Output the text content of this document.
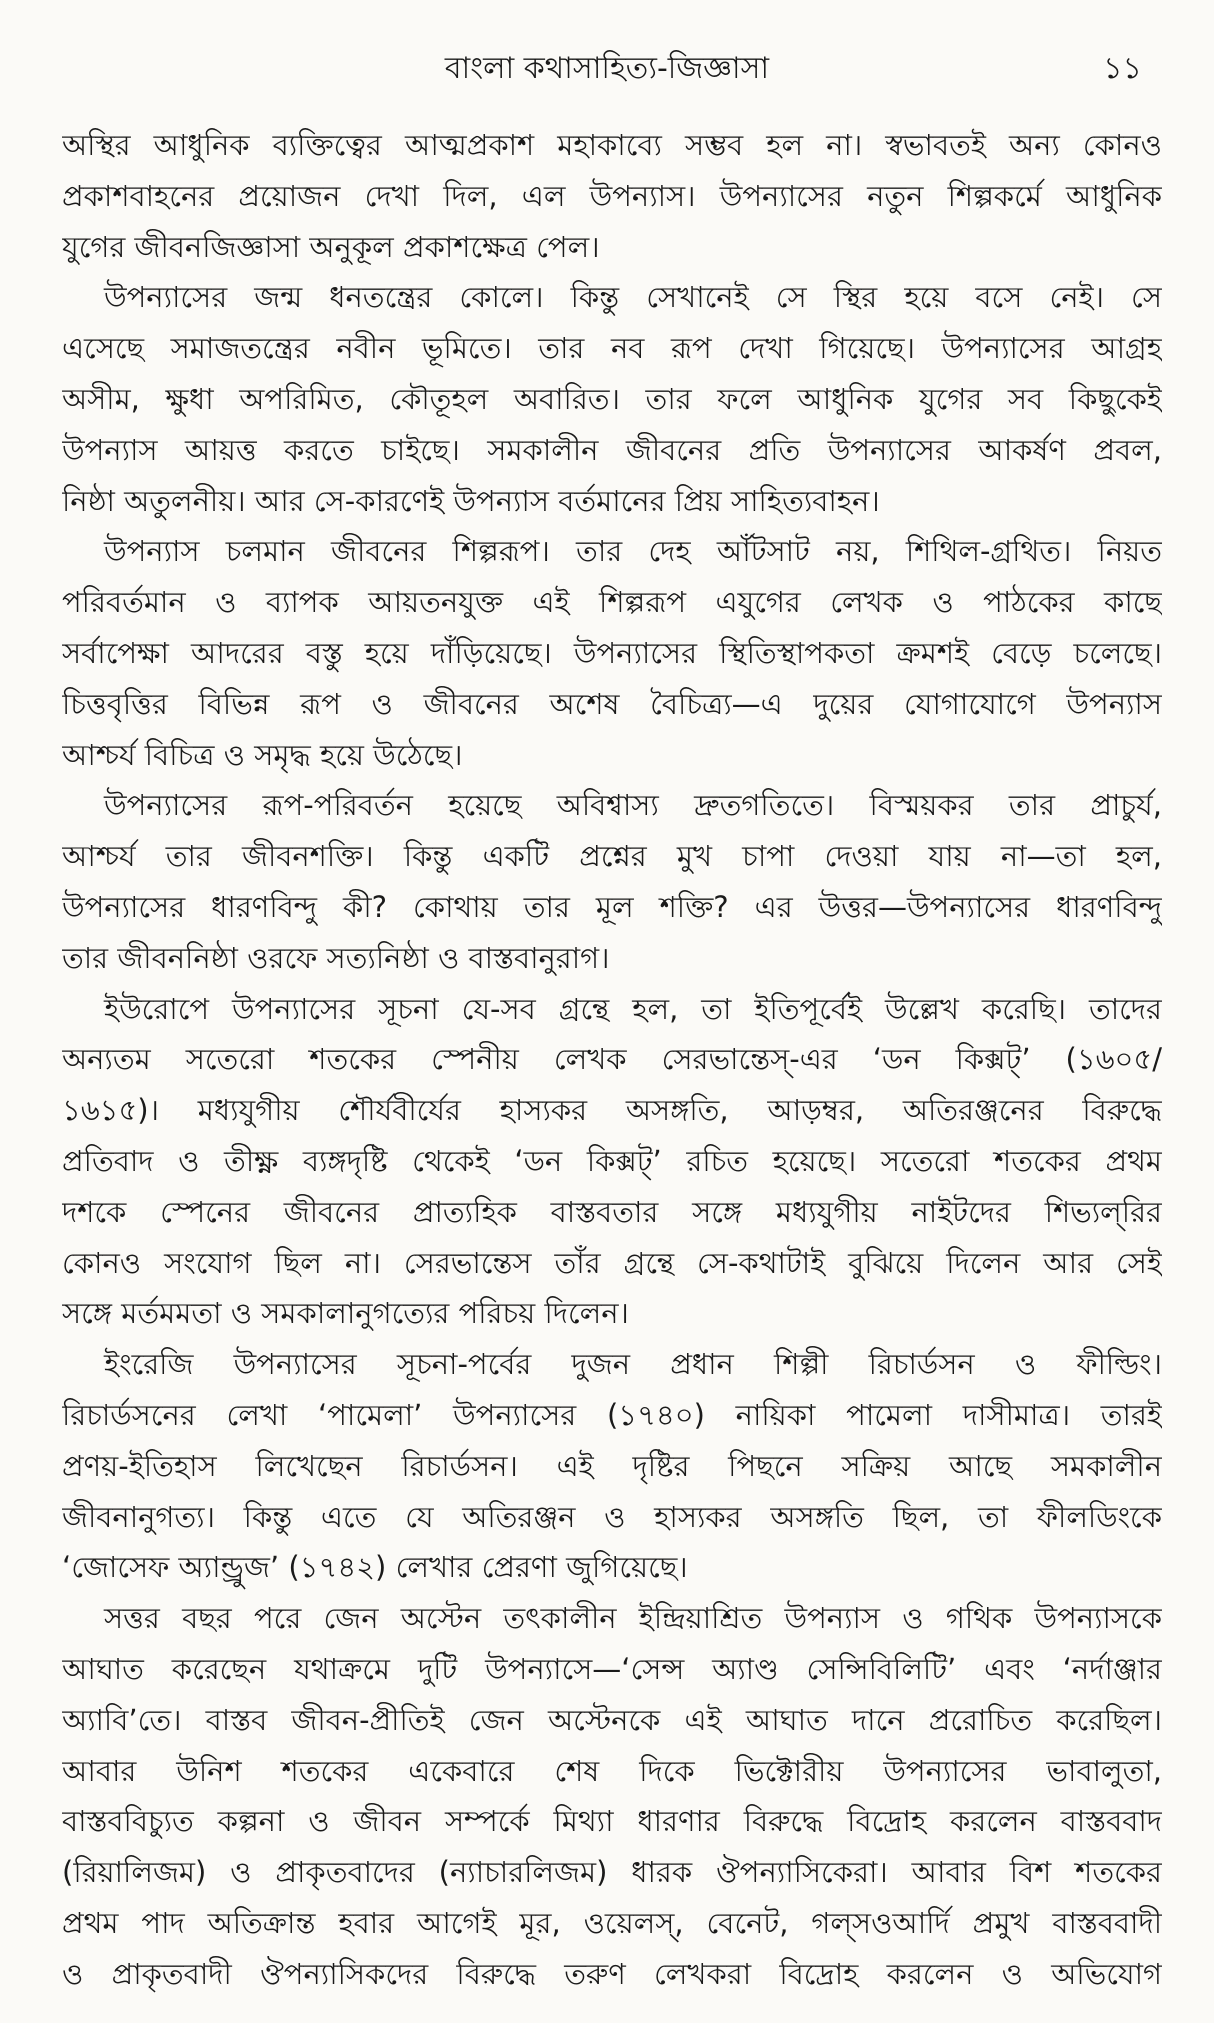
বাংলা কথাসাহিত্য-জিজ্ঞাসা	১১
অস্থির আধুনিক ব্যক্তিত্বের আত্মপ্রকাশ মহাকাব্যে সম্ভব হল না। স্বভাবতই অন্য কোনও
প্রকাশবাহনের প্রয়োজন দেখা দিল, এল উপন্যাস। উপন্যাসের নতুন শিল্পকর্মে আধুনিক
যুগের জীবনজিজ্ঞাসা অনুকূল প্রকাশক্ষেত্র পেল।
উপন্যাসের জন্ম ধনতন্ত্রের কোলে। কিন্তু সেখানেই সে স্থির হয়ে বসে নেই। সে
এসেছে সমাজতন্ত্রের নবীন ভূমিতে। তার নব রূপ দেখা গিয়েছে। উপন্যাসের আগ্রহ
অসীম, ক্ষুধা অপরিমিত, কৌতূহল অবারিত। তার ফলে আধুনিক যুগের সব কিছুকেই
উপন্যাস আয়ত্ত করতে চাইছে। সমকালীন জীবনের প্রতি উপন্যাসের আকর্ষণ প্রবল,
নিষ্ঠা অতুলনীয়। আর সে-কারণেই উপন্যাস বর্তমানের প্রিয় সাহিত্যবাহন।
উপন্যাস চলমান জীবনের শিল্পরূপ। তার দেহ আঁটসাট নয়, শিথিল-গ্রথিত। নিয়ত
পরিবর্তমান ও ব্যাপক আয়তনযুক্ত এই শিল্পরূপ এযুগের লেখক ও পাঠকের কাছে
সর্বাপেক্ষা আদরের বস্তু হয়ে দাঁড়িয়েছে। উপন্যাসের স্থিতিস্থাপকতা ক্রমশই বেড়ে চলেছে।
চিত্তবৃত্তির বিভিন্ন রূপ ও জীবনের অশেষ বৈচিত্র্য—এ দুয়ের যোগাযোগে উপন্যাস
আশ্চর্য বিচিত্র ও সমৃদ্ধ হয়ে উঠেছে।
উপন্যাসের রূপ-পরিবর্তন হয়েছে অবিশ্বাস্য দ্রুতগতিতে। বিস্ময়কর তার প্রাচুর্য,
আশ্চর্য তার জীবনশক্তি। কিন্তু একটি প্রশ্নের মুখ চাপা দেওয়া যায় না—তা হল,
উপন্যাসের ধারণবিন্দু কী? কোথায় তার মূল শক্তি? এর উত্তর—উপন্যাসের ধারণবিন্দু
তার জীবননিষ্ঠা ওরফে সত্যনিষ্ঠা ও বাস্তবানুরাগ।
ইউরোপে উপন্যাসের সূচনা যে-সব গ্রন্থে হল, তা ইতিপূর্বেই উল্লেখ করেছি। তাদের
অন্যতম সতেরো শতকের স্পেনীয় লেখক সেরভান্তেস্-এর ‘ডন কিক্সট্’ (১৬০৫/
১৬১৫)। মধ্যযুগীয় শৌর্যবীর্যের হাস্যকর অসঙ্গতি, আড়ম্বর, অতিরঞ্জনের বিরুদ্ধে
প্রতিবাদ ও তীক্ষ্ণ ব্যঙ্গদৃষ্টি থেকেই ‘ডন কিক্সট্’ রচিত হয়েছে। সতেরো শতকের প্রথম
দশকে স্পেনের জীবনের প্রাত্যহিক বাস্তবতার সঙ্গে মধ্যযুগীয় নাইটদের শিভ্যল্‌রির
কোনও সংযোগ ছিল না। সেরভান্তেস তাঁর গ্রন্থে সে-কথাটাই বুঝিয়ে দিলেন আর সেই
সঙ্গে মর্তমমতা ও সমকালানুগত্যের পরিচয় দিলেন।
ইংরেজি উপন্যাসের সূচনা-পর্বের দুজন প্রধান শিল্পী রিচার্ডসন ও ফীল্ডিং।
রিচার্ডসনের লেখা ‘পামেলা’ উপন্যাসের (১৭৪০) নায়িকা পামেলা দাসীমাত্র। তারই
প্রণয়-ইতিহাস লিখেছেন রিচার্ডসন। এই দৃষ্টির পিছনে সক্রিয় আছে সমকালীন
জীবনানুগত্য। কিন্তু এতে যে অতিরঞ্জন ও হাস্যকর অসঙ্গতি ছিল, তা ফীলডিংকে
‘জোসেফ অ্যান্ড্রুজ’ (১৭৪২) লেখার প্রেরণা জুগিয়েছে।
সত্তর বছর পরে জেন অস্টেন তৎকালীন ইন্দ্রিয়াশ্রিত উপন্যাস ও গথিক উপন্যাসকে
আঘাত করেছেন যথাক্রমে দুটি উপন্যাসে—‘সেন্স অ্যাণ্ড সেন্সিবিলিটি’ এবং ‘নর্দাঞ্জার
অ্যাবি’তে। বাস্তব জীবন-প্রীতিই জেন অস্টেনকে এই আঘাত দানে প্ররোচিত করেছিল।
আবার উনিশ শতকের একেবারে শেষ দিকে ভিক্টোরীয় উপন্যাসের ভাবালুতা,
বাস্তববিচ্যুত কল্পনা ও জীবন সম্পর্কে মিথ্যা ধারণার বিরুদ্ধে বিদ্রোহ করলেন বাস্তববাদ
(রিয়ালিজম) ও প্রাকৃতবাদের (ন্যাচারলিজম) ধারক ঔপন্যাসিকেরা। আবার বিশ শতকের
প্রথম পাদ অতিক্রান্ত হবার আগেই মূর, ওয়েলস্, বেনেট, গল্‌সওআর্দি প্রমুখ বাস্তববাদী
ও প্রাকৃতবাদী ঔপন্যাসিকদের বিরুদ্ধে তরুণ লেখকরা বিদ্রোহ করলেন ও অভিযোগ
